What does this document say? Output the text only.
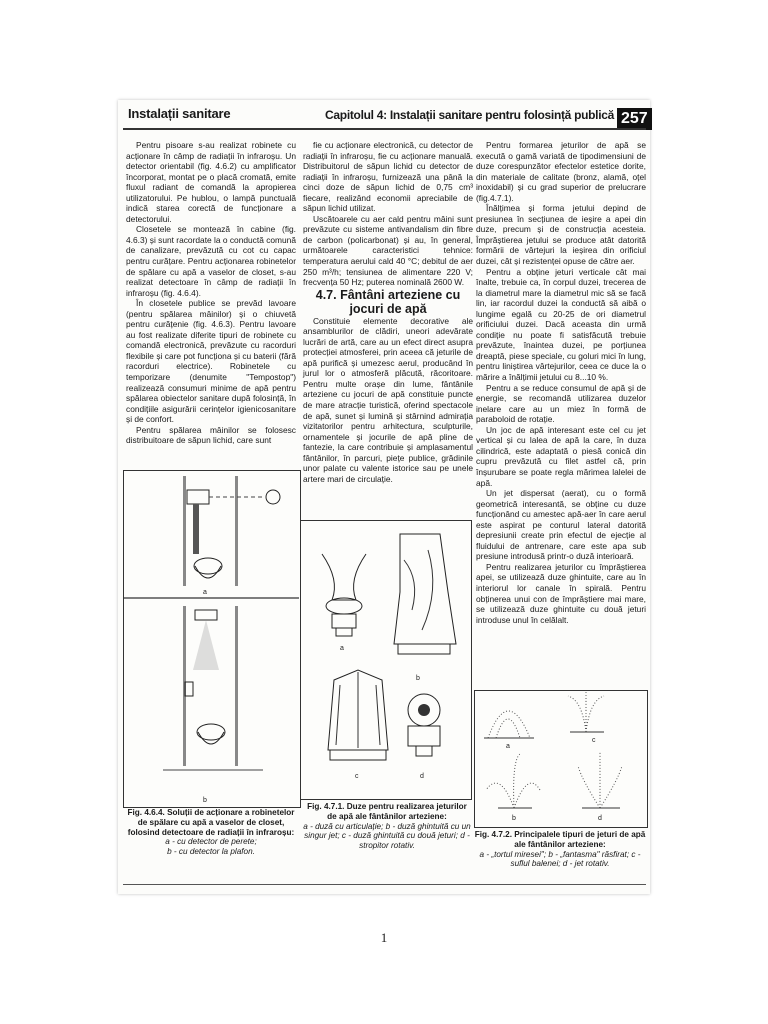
Instalații sanitare	Capitolul 4: Instalații sanitare pentru folosință publică 257

Pentru pisoare s-au realizat robinete cu acționare în câmp de radiații în infraroșu. Un detector orientabil (fig. 4.6.2) cu amplificator încorporat, montat pe o placă cromată, emite fluxul radiant de comandă la apropierea utilizatorului. Pe hublou, o lampă punctuală indică starea corectă de funcționare a detectorului.

Closetele se montează în cabine (fig. 4.6.3) și sunt racordate la o conductă comună de canalizare, prevăzută cu cot cu capac pentru curățare. Pentru acționarea robinetelor de spălare cu apă a vaselor de closet, s-au realizat detectoare în câmp de radiații în infraroșu (fig. 4.6.4).

În closetele publice se prevăd lavoare (pentru spălarea mâinilor) și o chiuvetă pentru curățenie (fig. 4.6.3). Pentru lavoare au fost realizate diferite tipuri de robinete cu comandă electronică, prevăzute cu racorduri flexibile și care pot funcționa și cu baterii (fără racorduri electrice). Robinetele cu temporizare (denumite "Tempostop") realizează consumuri minime de apă pentru spălarea obiectelor sanitare după folosință, în condițiile asigurării cerințelor igienicosanitare și de confort.

Pentru spălarea mâinilor se folosesc distribuitoare de săpun lichid, care sunt

fie cu acționare electronică, cu detector de radiații în infraroșu, fie cu acționare manuală. Distribuitorul de săpun lichid cu detector de radiații în infraroșu, furnizează una până la cinci doze de săpun lichid de 0,75 cm³ fiecare, realizând economii apreciabile de săpun lichid utilizat.

Uscătoarele cu aer cald pentru mâini sunt prevăzute cu sisteme antivandalism din fibre de carbon (policarbonat) și au, în general, următoarele caracteristici tehnice: temperatura aerului cald 40 °C; debitul de aer 250 m³/h; tensiunea de alimentare 220 V; frecvența 50 Hz; puterea nominală 2600 W.

4.7. Fântâni arteziene cu jocuri de apă

Constituie elemente decorative ale ansamblurilor de clădiri, uneori adevărate lucrări de artă, care au un efect direct asupra protecției atmosferei, prin aceea că jeturile de apă purifică și umezesc aerul, producând în jurul lor o atmosferă plăcută, răcoritoare. Pentru multe orașe din lume, fântânile arteziene cu jocuri de apă constituie puncte de mare atracție turistică, oferind spectacole de apă, sunet și lumină și stârnind admirația vizitatorilor pentru arhitectura, sculpturile, ornamentele și jocurile de apă pline de fantezie, la care contribuie și amplasamentul fântânilor, în parcuri, piețe publice, grădinile unor palate cu valente istorice sau pe unele artere mari de circulație.

Pentru formarea jeturilor de apă se execută o gamă variată de tipodimensiuni de duze corespunzător efectelor estetice dorite, din materiale de calitate (bronz, alamă, oțel inoxidabil) și cu grad superior de prelucrare (fig.4.7.1).

Înălțimea și forma jetului depind de presiunea în secțiunea de ieșire a apei din duze, precum și de construcția acesteia. Împrăștierea jetului se produce atât datorită formării de vârtejuri la ieșirea din orificiul duzei, cât și rezistenței opuse de către aer.

Pentru a obține jeturi verticale cât mai înalte, trebuie ca, în corpul duzei, trecerea de la diametrul mare la diametrul mic să se facă lin, iar racordul duzei la conductă să aibă o lungime egală cu 20-25 de ori diametrul orificiului duzei. Dacă aceasta din urmă condiție nu poate fi satisfăcută trebuie prevăzute, înaintea duzei, pe porțiunea dreaptă, piese speciale, cu goluri mici în lung, pentru liniștirea vârtejurilor, ceea ce duce la o mărire a înălțimii jetului cu 8...10 %.

Pentru a se reduce consumul de apă și de energie, se recomandă utilizarea duzelor inelare care au un miez în formă de paraboloid de rotație.

Un joc de apă interesant este cel cu jet vertical și cu lalea de apă la care, în duza cilindrică, este adaptată o piesă conică din cupru prevăzută cu filet astfel că, prin înșurubare se poate regla mărimea lalelei de apă.

Un jet dispersat (aerat), cu o formă geometrică interesantă, se obține cu duze funcționând cu amestec apă-aer în care aerul este aspirat pe conturul lateral datorită depresiunii create prin efectul de ejecție al fluidului de antrenare, care este apa sub presiune introdusă printr-o duză interioară.

Pentru realizarea jeturilor cu împrăștierea apei, se utilizează duze ghintuite, care au în interiorul lor canale în spirală. Pentru obținerea unui con de împrăștiere mai mare, se utilizează duze ghintuite cu două jeturi introduse unul în celălalt.

a
b
Fig. 4.6.4. Soluții de acționare a robinetelor de spălare cu apă a vaselor de closet, folosind detectoare de radiații în infraroșu:
a - cu detector de perete;
b - cu detector la plafon.
a
b
c	d
Fig. 4.7.1. Duze pentru realizarea jeturilor de apă ale fântânilor arteziene:
a - duză cu articulație; b - duză ghintuită cu un singur jet; c - duză ghintuită cu două jeturi; d - stropitor rotativ.
a
c
b	d
Fig. 4.7.2. Principalele tipuri de jeturi de apă ale fântânilor arteziene:
a - „tortul miresei"; b - „fantasma" răsfirat; c - suflul balenei; d - jet rotativ.
1
